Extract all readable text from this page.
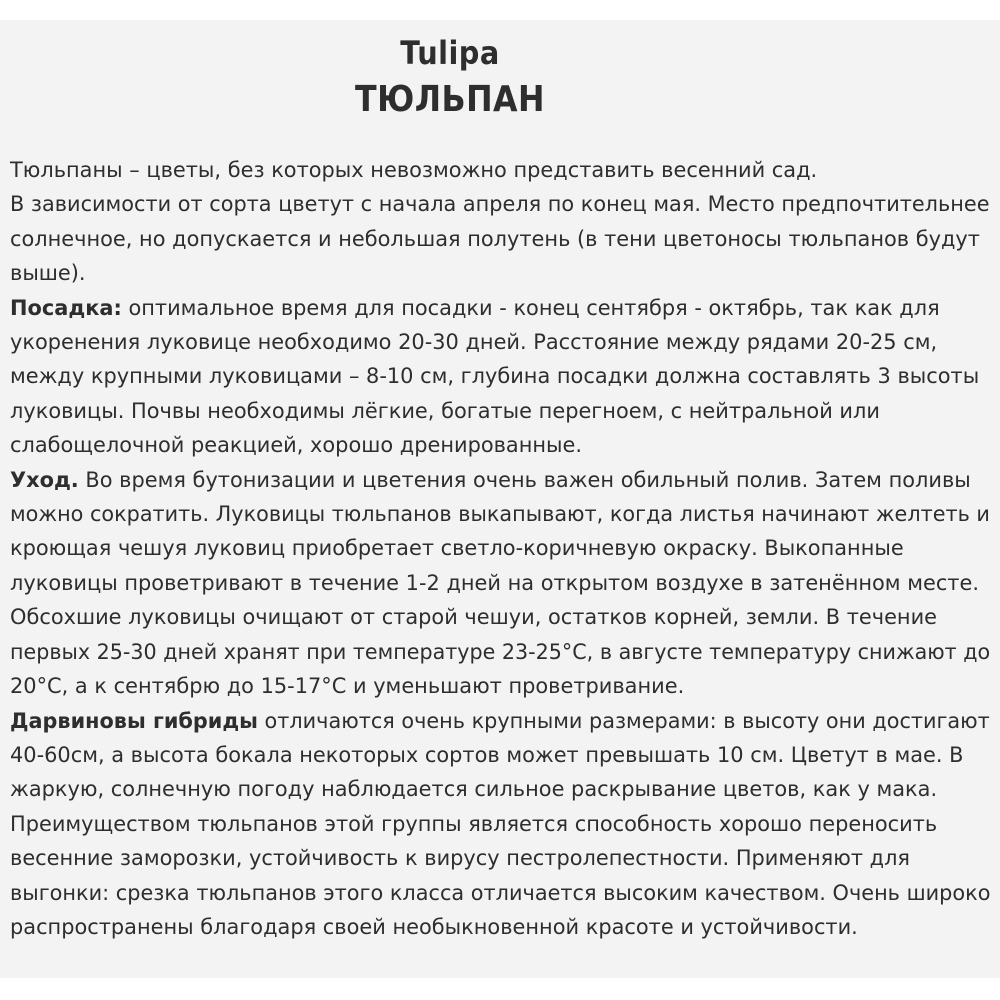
Tulipa
ТЮЛЬПАН
Тюльпаны – цветы, без которых невозможно представить весенний сад.
В зависимости от сорта цветут с начала апреля по конец мая. Место предпочтительнее
солнечное, но допускается и небольшая полутень (в тени цветоносы тюльпанов будут
выше).
Посадка: оптимальное время для посадки - конец сентября - октябрь, так как для
укоренения луковице необходимо 20-30 дней. Расстояние между рядами 20-25 см,
между крупными луковицами – 8-10 см, глубина посадки должна составлять 3 высоты
луковицы. Почвы необходимы лёгкие, богатые перегноем, с нейтральной или
слабощелочной реакцией, хорошо дренированные.
Уход. Во время бутонизации и цветения очень важен обильный полив. Затем поливы
можно сократить. Луковицы тюльпанов выкапывают, когда листья начинают желтеть и
кроющая чешуя луковиц приобретает светло-коричневую окраску. Выкопанные
луковицы проветривают в течение 1-2 дней на открытом воздухе в затенённом месте.
Обсохшие луковицы очищают от старой чешуи, остатков корней, земли. В течение
первых 25-30 дней хранят при температуре 23-25°С, в августе температуру снижают до
20°С, а к сентябрю до 15-17°С и уменьшают проветривание.
Дарвиновы гибриды отличаются очень крупными размерами: в высоту они достигают
40-60см, а высота бокала некоторых сортов может превышать 10 см. Цветут в мае. В
жаркую, солнечную погоду наблюдается сильное раскрывание цветов, как у мака.
Преимуществом тюльпанов этой группы является способность хорошо переносить
весенние заморозки, устойчивость к вирусу пестролепестности. Применяют для
выгонки: срезка тюльпанов этого класса отличается высоким качеством. Очень широко
распространены благодаря своей необыкновенной красоте и устойчивости.
